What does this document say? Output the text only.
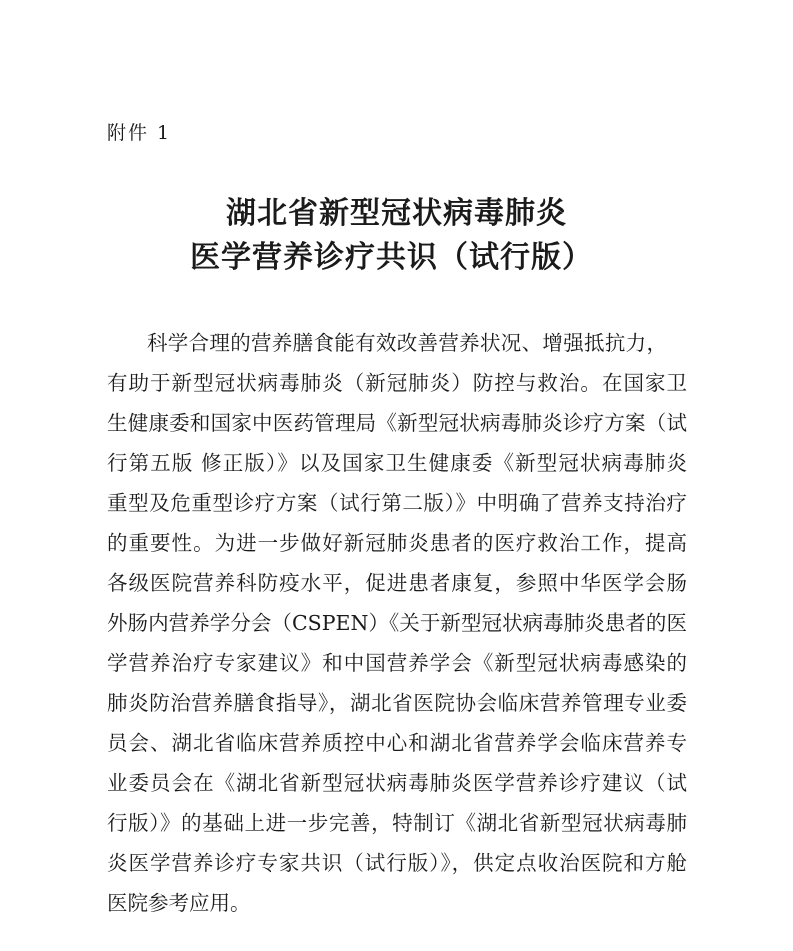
附件 1
湖北省新型冠状病毒肺炎
医学营养诊疗共识（试行版）
科学合理的营养膳食能有效改善营养状况、增强抵抗力，
有助于新型冠状病毒肺炎（新冠肺炎）防控与救治。在国家卫
生健康委和国家中医药管理局《新型冠状病毒肺炎诊疗方案（试
行第五版 修正版）》以及国家卫生健康委《新型冠状病毒肺炎
重型及危重型诊疗方案（试行第二版）》中明确了营养支持治疗
的重要性。为进一步做好新冠肺炎患者的医疗救治工作，提高
各级医院营养科防疫水平，促进患者康复，参照中华医学会肠
外肠内营养学分会（CSPEN）《关于新型冠状病毒肺炎患者的医
学营养治疗专家建议》和中国营养学会《新型冠状病毒感染的
肺炎防治营养膳食指导》，湖北省医院协会临床营养管理专业委
员会、湖北省临床营养质控中心和湖北省营养学会临床营养专
业委员会在《湖北省新型冠状病毒肺炎医学营养诊疗建议（试
行版）》的基础上进一步完善，特制订《湖北省新型冠状病毒肺
炎医学营养诊疗专家共识（试行版）》，供定点收治医院和方舱
医院参考应用。
